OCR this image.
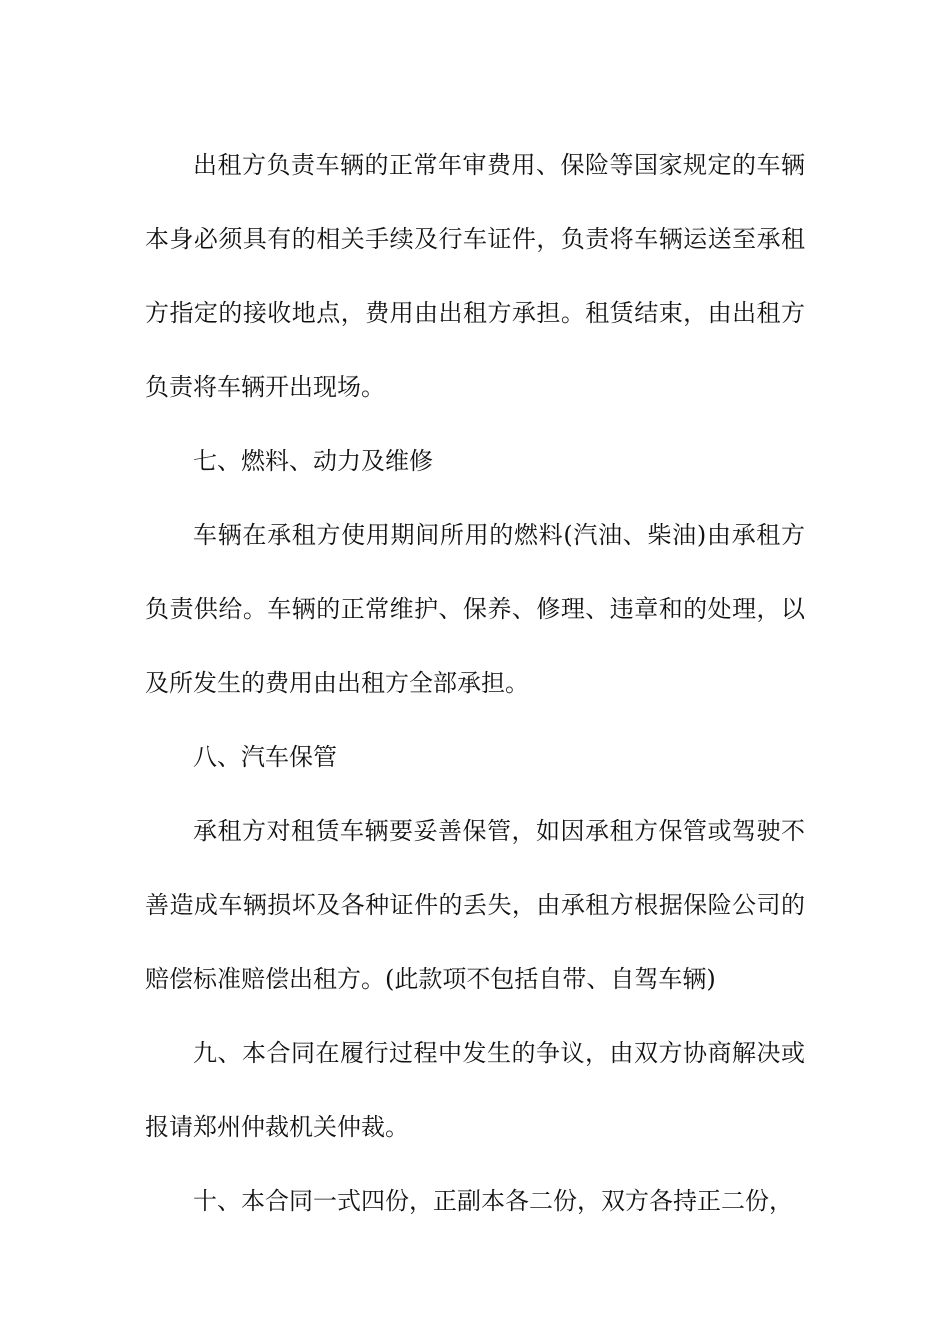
出租方负责车辆的正常年审费用、保险等国家规定的车辆本身必须具有的相关手续及行车证件，负责将车辆运送至承租方指定的接收地点，费用由出租方承担。租赁结束，由出租方负责将车辆开出现场。

七、燃料、动力及维修

车辆在承租方使用期间所用的燃料(汽油、柴油)由承租方负责供给。车辆的正常维护、保养、修理、违章和的处理，以及所发生的费用由出租方全部承担。

八、汽车保管

承租方对租赁车辆要妥善保管，如因承租方保管或驾驶不善造成车辆损坏及各种证件的丢失，由承租方根据保险公司的赔偿标准赔偿出租方。(此款项不包括自带、自驾车辆)

九、本合同在履行过程中发生的争议，由双方协商解决或报请郑州仲裁机关仲裁。

十、本合同一式四份，正副本各二份，双方各持正二份，
